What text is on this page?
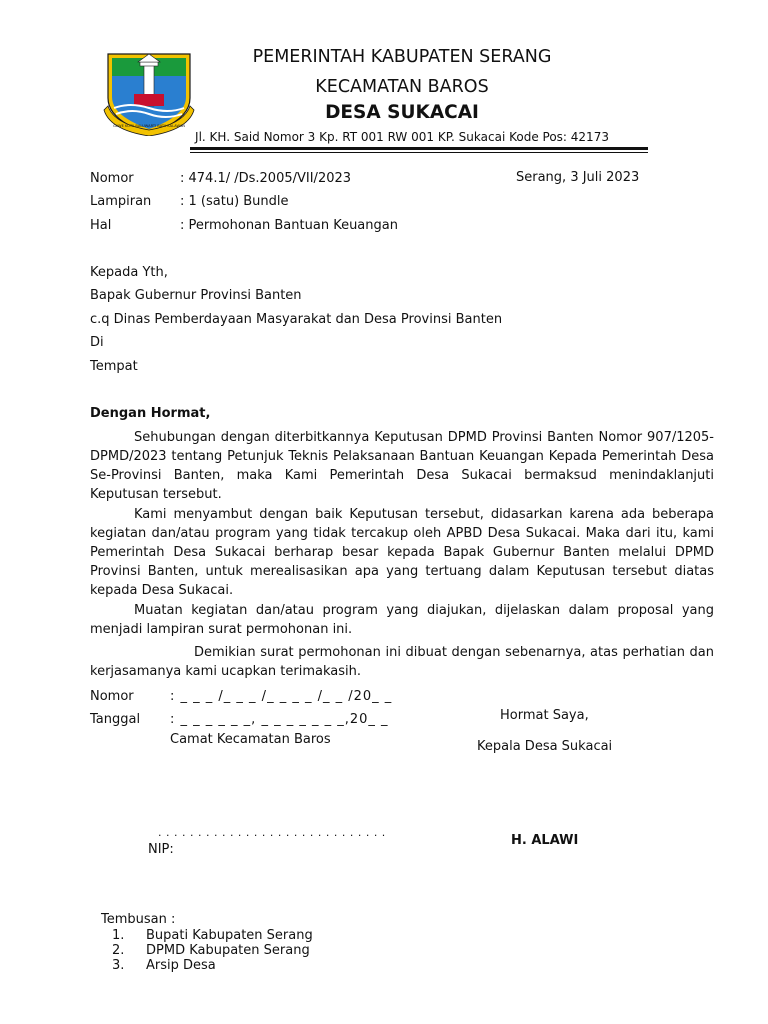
GAWE KUTA BALUWARTI BATA KALAWAN
PEMERINTAH KABUPATEN SERANG
KECAMATAN BAROS
DESA SUKACAI
Jl. KH. Said Nomor 3 Kp. RT 001 RW 001 KP. Sukacai Kode Pos: 42173
Nomor	: 474.1/ /Ds.2005/VII/2023	Serang, 3 Juli 2023
Lampiran : 1 (satu) Bundle
Hal	: Permohonan Bantuan Keuangan
Kepada Yth,
Bapak Gubernur Provinsi Banten
c.q Dinas Pemberdayaan Masyarakat dan Desa Provinsi Banten
Di
Tempat
Dengan Hormat,
Sehubungan dengan diterbitkannya Keputusan DPMD Provinsi Banten Nomor 907/1205-DPMD/2023 tentang Petunjuk Teknis Pelaksanaan Bantuan Keuangan Kepada Pemerintah Desa Se-Provinsi Banten, maka Kami Pemerintah Desa Sukacai bermaksud menindaklanjuti Keputusan tersebut.
Kami menyambut dengan baik Keputusan tersebut, didasarkan karena ada beberapa kegiatan dan/atau program yang tidak tercakup oleh APBD Desa Sukacai. Maka dari itu, kami Pemerintah Desa Sukacai berharap besar kepada Bapak Gubernur Banten melalui DPMD Provinsi Banten, untuk merealisasikan apa yang tertuang dalam Keputusan tersebut diatas kepada Desa Sukacai.
Muatan kegiatan dan/atau program yang diajukan, dijelaskan dalam proposal yang menjadi lampiran surat permohonan ini.
Demikian surat permohonan ini dibuat dengan sebenarnya, atas perhatian dan kerjasamanya kami ucapkan terimakasih.
Nomor	: _ _ _ /_ _ _ /_ _ _ _ /_ _ /20_ _
Tanggal : _ _ _ _ _ _, _ _ _ _ _ _ _,20_ _
Camat Kecamatan Baros
. . . . . . . . . . . . . . . . . . . . . . . . . . . . .
NIP:
Hormat Saya,
Kepala Desa Sukacai
H. ALAWI
Tembusan :
1. Bupati Kabupaten Serang
2. DPMD Kabupaten Serang
3. Arsip Desa
